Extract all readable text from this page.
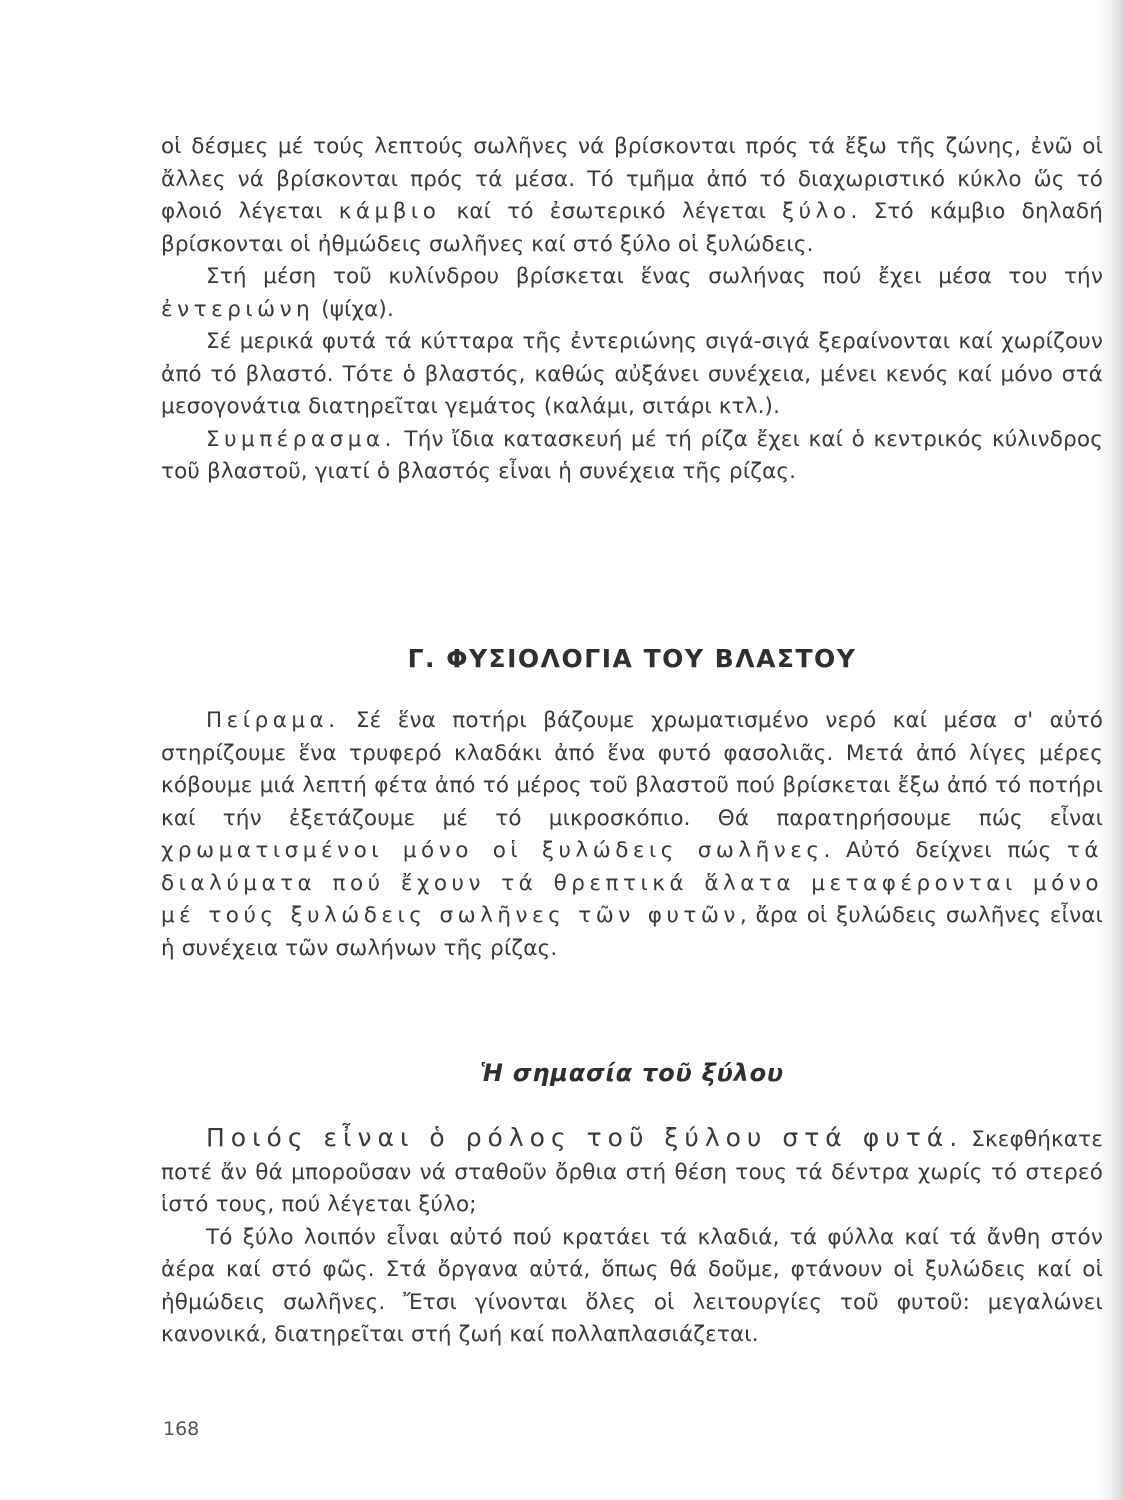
οἱ δέσμες μέ τούς λεπτούς σωλῆνες νά βρίσκονται πρός τά ἔξω τῆς ζώνης, ἐνῶ οἱ ἄλλες νά βρίσκονται πρός τά μέσα. Τό τμῆμα ἀπό τό διαχωριστικό κύκλο ὥς τό φλοιό λέγεται κάμβιο καί τό ἐσωτερικό λέγεται ξύλο. Στό κάμβιο δηλαδή βρίσκονται οἱ ἠθμώδεις σωλῆνες καί στό ξύλο οἱ ξυλώδεις.

Στή μέση τοῦ κυλίνδρου βρίσκεται ἕνας σωλήνας πού ἔχει μέσα του τήν ἐντεριώνη (ψίχα).

Σέ μερικά φυτά τά κύτταρα τῆς ἐντεριώνης σιγά-σιγά ξεραίνονται καί χωρίζουν ἀπό τό βλαστό. Τότε ὁ βλαστός, καθώς αὐξάνει συνέχεια, μένει κενός καί μόνο στά μεσογονάτια διατηρεῖται γεμάτος (καλάμι, σιτάρι κτλ.).

Συμπέρασμα. Τήν ἴδια κατασκευή μέ τή ρίζα ἔχει καί ὁ κεντρικός κύλινδρος τοῦ βλαστοῦ, γιατί ὁ βλαστός εἶναι ἡ συνέχεια τῆς ρίζας.

Γ. ΦΥΣΙΟΛΟΓΙΑ ΤΟΥ ΒΛΑΣΤΟΥ

Πείραμα. Σέ ἕνα ποτήρι βάζουμε χρωματισμένο νερό καί μέσα σ' αὐτό στηρίζουμε ἕνα τρυφερό κλαδάκι ἀπό ἕνα φυτό φασολιᾶς. Μετά ἀπό λίγες μέρες κόβουμε μιά λεπτή φέτα ἀπό τό μέρος τοῦ βλαστοῦ πού βρίσκεται ἔξω ἀπό τό ποτήρι καί τήν ἐξετάζουμε μέ τό μικροσκόπιο. Θά παρατηρήσουμε πώς εἶναι χρωματισμένοι μόνο οἱ ξυλώδεις σωλῆνες. Αὐτό δείχνει πώς τά διαλύματα πού ἔχουν τά θρεπτικά ἅλατα μεταφέρονται μόνο μέ τούς ξυλώδεις σωλῆνες τῶν φυτῶν, ἄρα οἱ ξυλώδεις σωλῆνες εἶναι ἡ συνέχεια τῶν σωλήνων τῆς ρίζας.

Ἡ σημασία τοῦ ξύλου

Ποιός εἶναι ὁ ρόλος τοῦ ξύλου στά φυτά. Σκεφθήκατε ποτέ ἄν θά μποροῦσαν νά σταθοῦν ὄρθια στή θέση τους τά δέντρα χωρίς τό στερεό ἱστό τους, πού λέγεται ξύλο;

Τό ξύλο λοιπόν εἶναι αὐτό πού κρατάει τά κλαδιά, τά φύλλα καί τά ἄνθη στόν ἀέρα καί στό φῶς. Στά ὄργανα αὐτά, ὅπως θά δοῦμε, φτάνουν οἱ ξυλώδεις καί οἱ ἠθμώδεις σωλῆνες. Ἔτσι γίνονται ὅλες οἱ λειτουργίες τοῦ φυτοῦ: μεγαλώνει κανονικά, διατηρεῖται στή ζωή καί πολλαπλασιάζεται.

168
